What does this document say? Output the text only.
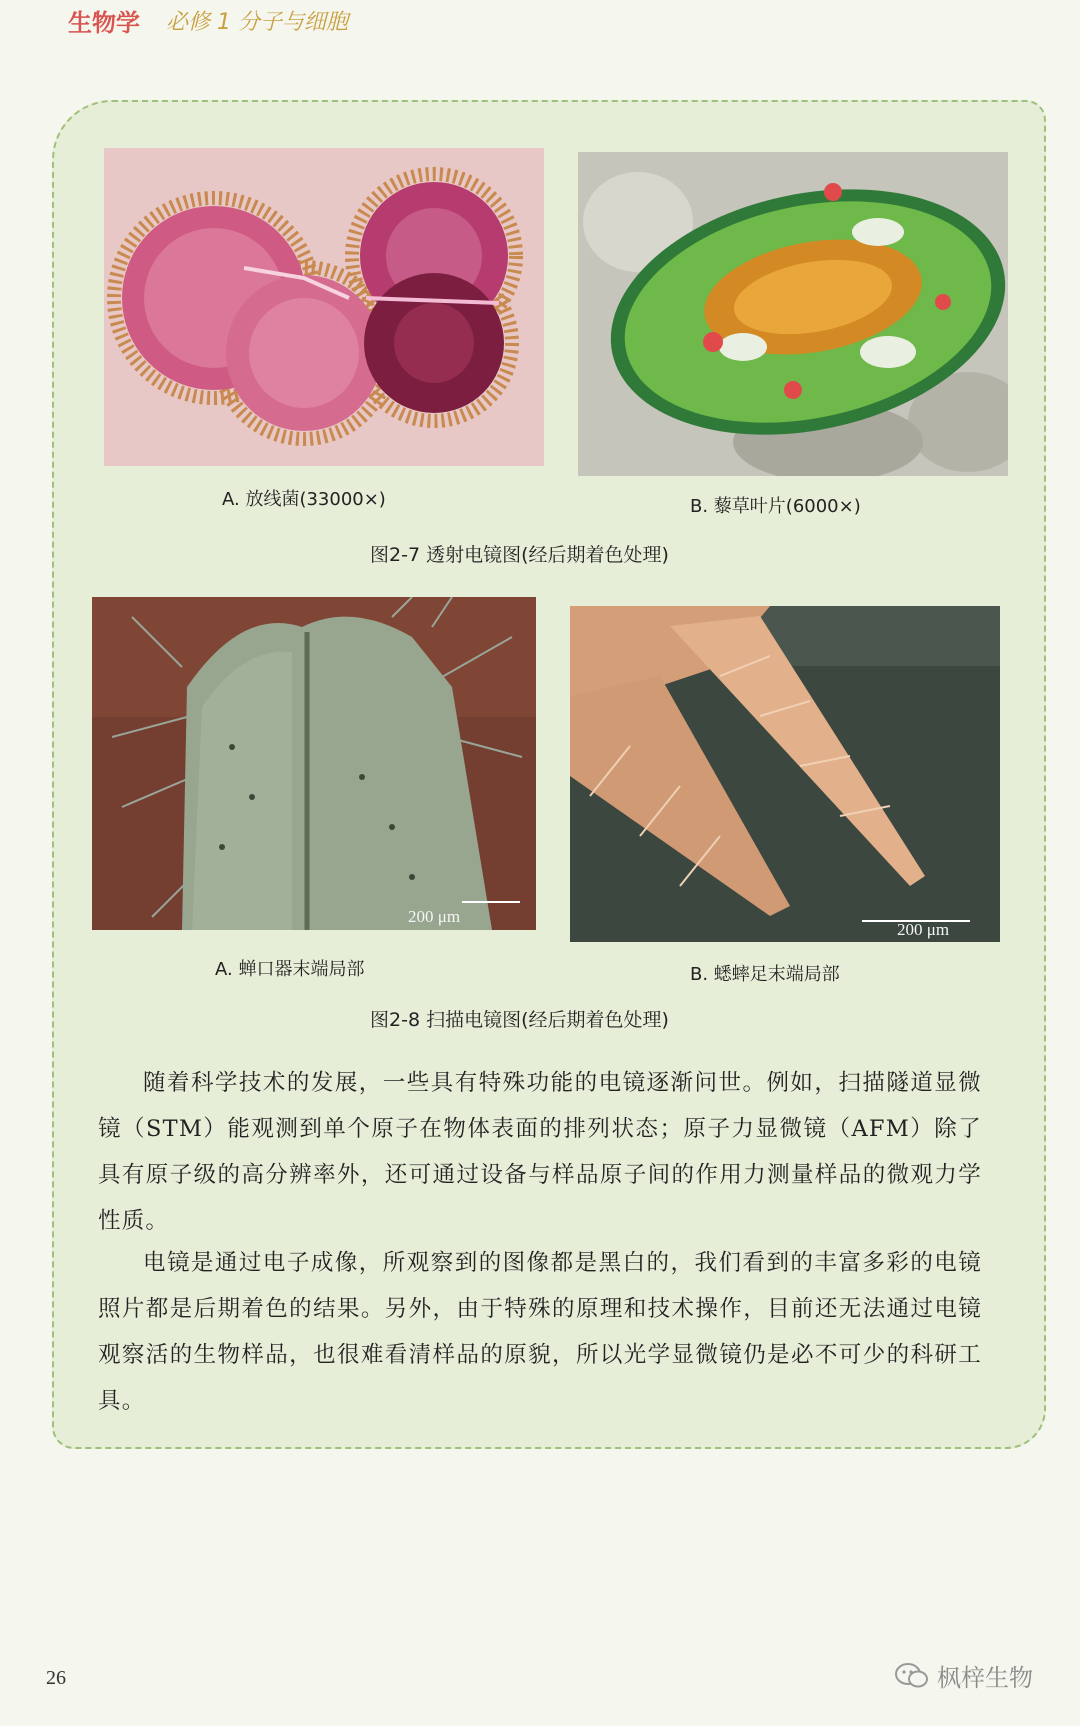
生物学 必修 1 分子与细胞
A. 放线菌(33000×)	B. 藜草叶片(6000×)
图2-7 透射电镜图(经后期着色处理)
200 μm
200 μm
A. 蝉口器末端局部	B. 蟋蟀足末端局部
图2-8 扫描电镜图(经后期着色处理)

随着科学技术的发展，一些具有特殊功能的电镜逐渐问世。例如，扫描隧道显微镜（STM）能观测到单个原子在物体表面的排列状态；原子力显微镜（AFM）除了具有原子级的高分辨率外，还可通过设备与样品原子间的作用力测量样品的微观力学性质。

电镜是通过电子成像，所观察到的图像都是黑白的，我们看到的丰富多彩的电镜照片都是后期着色的结果。另外，由于特殊的原理和技术操作，目前还无法通过电镜观察活的生物样品，也很难看清样品的原貌，所以光学显微镜仍是必不可少的科研工具。

26	枫梓生物
